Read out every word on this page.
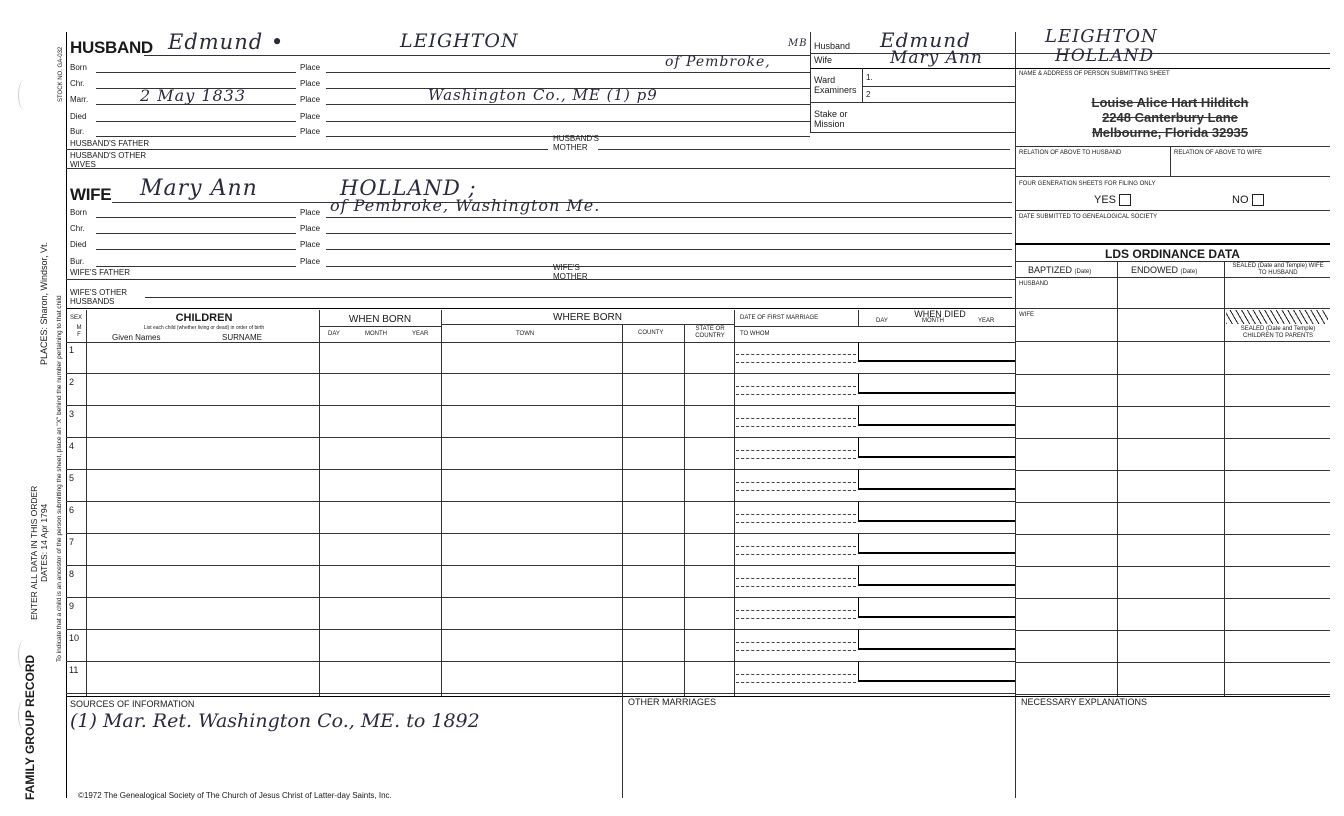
STOCK NO. GA-032
PLACES: Sharon, Windsor, Vt. To indicate that a child is an ancestor of the person submitting the sheet, place an "X" behind the number pertaining to that child
ENTER ALL DATA IN THIS ORDER DATES: 14 Apr 1794
FAMILY GROUP RECORD
HUSBAND Edmund •	LEIGHTON	MB
Born	Place	of Pembroke,
Chr.	Place
Marr.	2 May 1833	Place	Washington Co., ME (1) p9
Died	Place
Bur.	Place
HUSBAND'S FATHER
HUSBAND'S MOTHER
HUSBAND'S OTHER WIVES
WIFE Mary Ann	HOLLAND ;
Born	Place of Pembroke, Washington Me.
Chr.	Place
Died	Place
Bur.	Place
WIFE'S FATHER
WIFE'S MOTHER
WIFE'S OTHER HUSBANDS
Husband Edmund	LEIGHTON
Wife	Mary Ann	HOLLAND
Ward
Examiners
1.
2
Stake or
Mission
NAME & ADDRESS OF PERSON SUBMITTING SHEET
Louise Alice Hart Hilditch
2248 Canterbury Lane
Melbourne, Florida 32935
RELATION OF ABOVE TO HUSBAND	RELATION OF ABOVE TO WIFE
FOUR GENERATION SHEETS FOR FILING ONLY
YES	NO
DATE SUBMITTED TO GENEALOGICAL SOCIETY
LDS ORDINANCE DATA
BAPTIZED (Date)	ENDOWED (Date)
SEALED (Date and Temple) WIFE TO HUSBAND
HUSBAND
WIFE
SEALED (Date and Temple) CHILDREN TO PARENTS
SEX
M F
CHILDREN
List each child (whether living or dead) in order of birth
Given Names	SURNAME
WHEN BORN
DAY	MONTH	YEAR
WHERE BORN
TOWN	COUNTY
STATE OR COUNTRY
DATE OF FIRST MARRIAGE
TO WHOM
WHEN DIED
DAY	MONTH	YEAR
1
2
3
4
5
6
7
8
9
10
11
SOURCES OF INFORMATION
(1) Mar. Ret. Washington Co., ME. to 1892
OTHER MARRIAGES	NECESSARY EXPLANATIONS
©1972 The Genealogical Society of The Church of Jesus Christ of Latter-day Saints, Inc.
